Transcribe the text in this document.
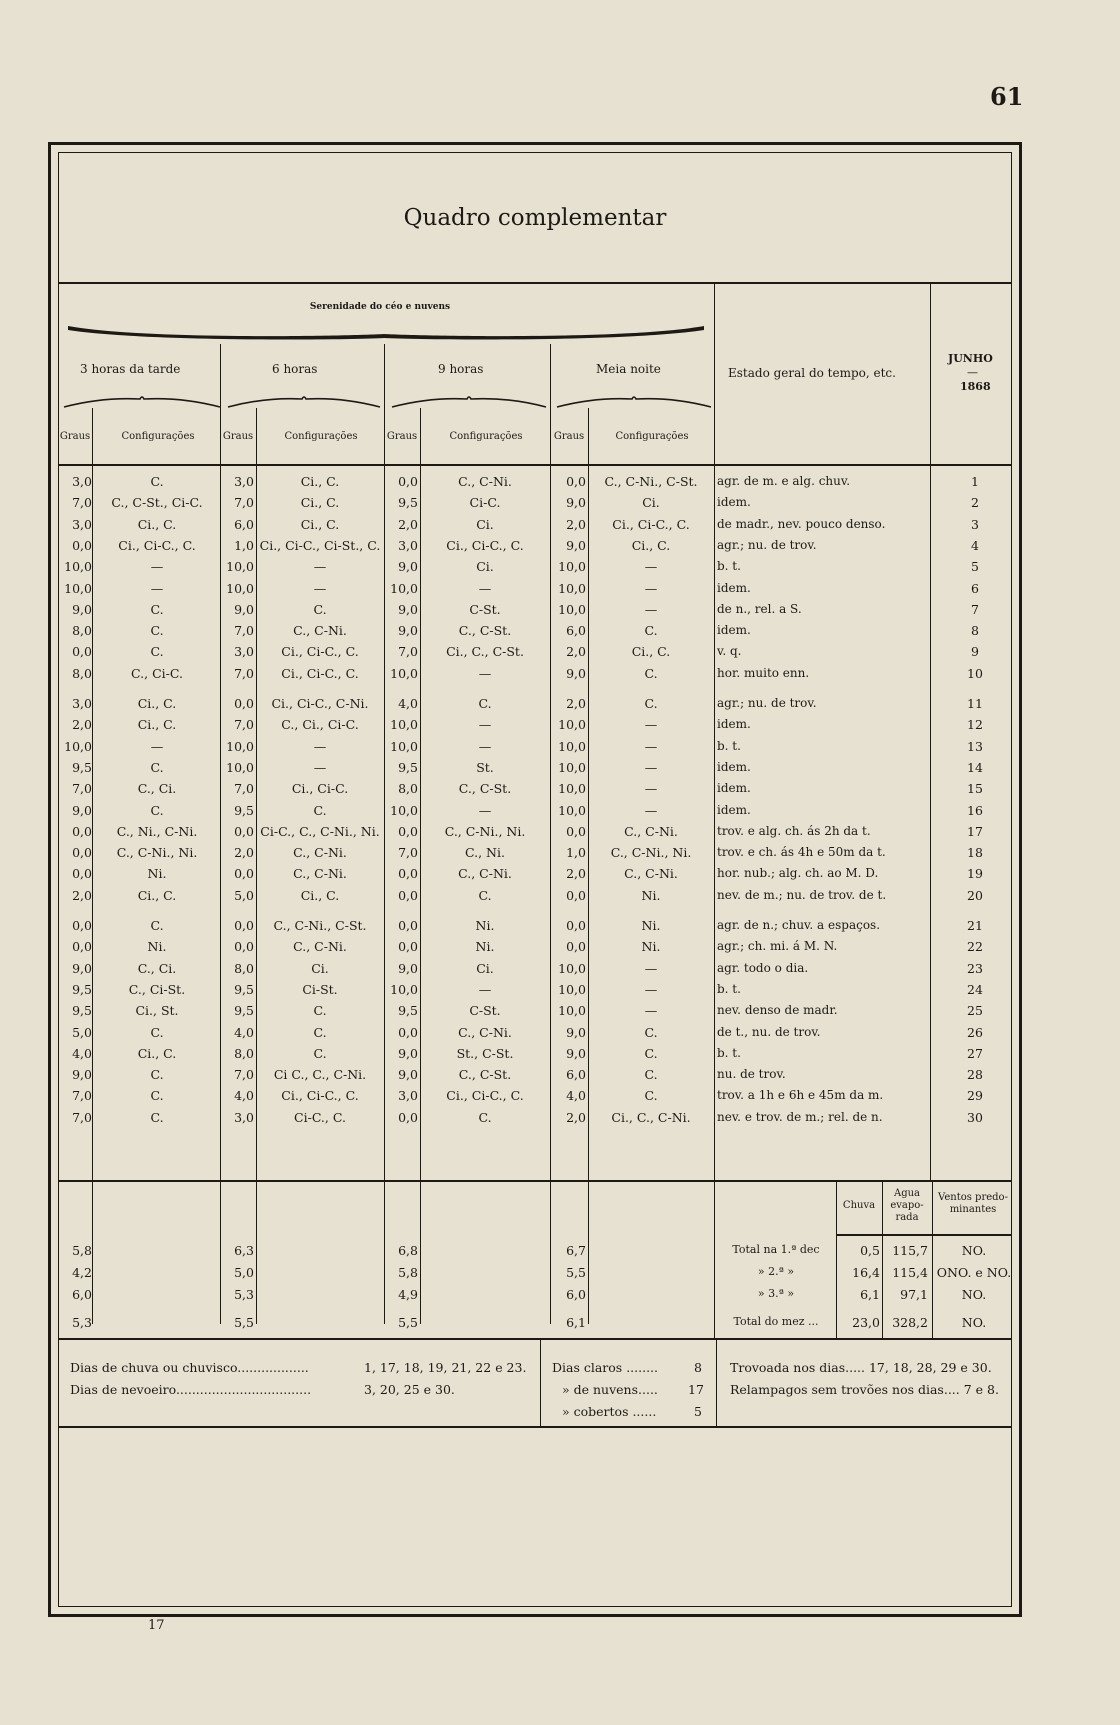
61
Quadro complementar
Serenidade do céo e nuvens
3 horas da tarde	6 horas	9 horas	Meia noite	Estado geral do tempo, etc.
JUNHO
—
1868
Graus	Configurações	Graus	Configurações	Graus	Configurações	Graus	Configurações
3,0	C.	3,0	Ci., C.	0,0	C., C-Ni.	0,0	C., C-Ni., C-St.	agr. de m. e alg. chuv.	1
7,0	C., C-St., Ci-C.	7,0	Ci., C.	9,5	Ci-C.	9,0	Ci.	idem.	2
3,0	Ci., C.	6,0	Ci., C.	2,0	Ci.	2,0	Ci., Ci-C., C.	de madr., nev. pouco denso.	3
0,0	Ci., Ci-C., C.	1,0 Ci., Ci-C., Ci-St., C.	3,0	Ci., Ci-C., C.	9,0	Ci., C.	agr.; nu. de trov.	4
10,0	—	10,0	—	9,0	Ci.	10,0	—	b. t.	5
10,0	—	10,0	—	10,0	—	10,0	—	idem.	6
9,0	C.	9,0	C.	9,0	C-St.	10,0	—	de n., rel. a S.	7
8,0	C.	7,0	C., C-Ni.	9,0	C., C-St.	6,0	C.	idem.	8
0,0	C.	3,0	Ci., Ci-C., C.	7,0	Ci., C., C-St.	2,0	Ci., C.	v. q.	9
8,0	C., Ci-C.	7,0	Ci., Ci-C., C.	10,0	—	9,0	C.	hor. muito enn.	10
3,0	Ci., C.	0,0	Ci., Ci-C., C-Ni.	4,0	C.	2,0	C.	agr.; nu. de trov.	11
2,0	Ci., C.	7,0	C., Ci., Ci-C.	10,0	—	10,0	—	idem.	12
10,0	—	10,0	—	10,0	—	10,0	—	b. t.	13
9,5	C.	10,0	—	9,5	St.	10,0	—	idem.	14
7,0	C., Ci.	7,0	Ci., Ci-C.	8,0	C., C-St.	10,0	—	idem.	15
9,0	C.	9,5	C.	10,0	—	10,0	—	idem.	16
0,0	C., Ni., C-Ni.	0,0 Ci-C., C., C-Ni., Ni.	0,0	C., C-Ni., Ni.	0,0	C., C-Ni.	trov. e alg. ch. ás 2h da t.	17
0,0	C., C-Ni., Ni.	2,0	C., C-Ni.	7,0	C., Ni.	1,0	C., C-Ni., Ni.	trov. e ch. ás 4h e 50m da t.	18
0,0	Ni.	0,0	C., C-Ni.	0,0	C., C-Ni.	2,0	C., C-Ni.	hor. nub.; alg. ch. ao M. D.	19
2,0	Ci., C.	5,0	Ci., C.	0,0	C.	0,0	Ni.	nev. de m.; nu. de trov. de t.	20
0,0	C.	0,0	C., C-Ni., C-St.	0,0	Ni.	0,0	Ni.	agr. de n.; chuv. a espaços.	21
0,0	Ni.	0,0	C., C-Ni.	0,0	Ni.	0,0	Ni.	agr.; ch. mi. á M. N.	22
9,0	C., Ci.	8,0	Ci.	9,0	Ci.	10,0	—	agr. todo o dia.	23
9,5	C., Ci-St.	9,5	Ci-St.	10,0	—	10,0	—	b. t.	24
9,5	Ci., St.	9,5	C.	9,5	C-St.	10,0	—	nev. denso de madr.	25
5,0	C.	4,0	C.	0,0	C., C-Ni.	9,0	C.	de t., nu. de trov.	26
4,0	Ci., C.	8,0	C.	9,0	St., C-St.	9,0	C.	b. t.	27
9,0	C.	7,0	Ci C., C., C-Ni.	9,0	C., C-St.	6,0	C.	nu. de trov.	28
7,0	C.	4,0	Ci., Ci-C., C.	3,0	Ci., Ci-C., C.	4,0	C.	trov. a 1h e 6h e 45m da m.	29
7,0	C.	3,0	Ci-C., C.	0,0	C.	2,0	Ci., C., C-Ni.	nev. e trov. de m.; rel. de n.	30
Chuva
Agua evapo- rada
Ventos predo- minantes
5,8	6,3	6,8	6,7
4,2	5,0	5,8	5,5
6,0	5,3	4,9	6,0
5,3	5,5	5,5	6,1
Total na 1.ª dec	0,5 115,7	NO.
» 2.ª »	16,4 115,4 ONO. e NO.
» 3.ª »	6,1	97,1	NO.
Total do mez ...	23,0 328,2	NO.
Dias de chuva ou chuvisco..................	1, 17, 18, 19, 21, 22 e 23.
Dias de nevoeiro..................................	3, 20, 25 e 30.
Dias claros ........	8
» de nuvens..... 17
» cobertos ......	5
Trovoada nos dias..... 17, 18, 28, 29 e 30.
Relampagos sem trovões nos dias.... 7 e 8.
17
